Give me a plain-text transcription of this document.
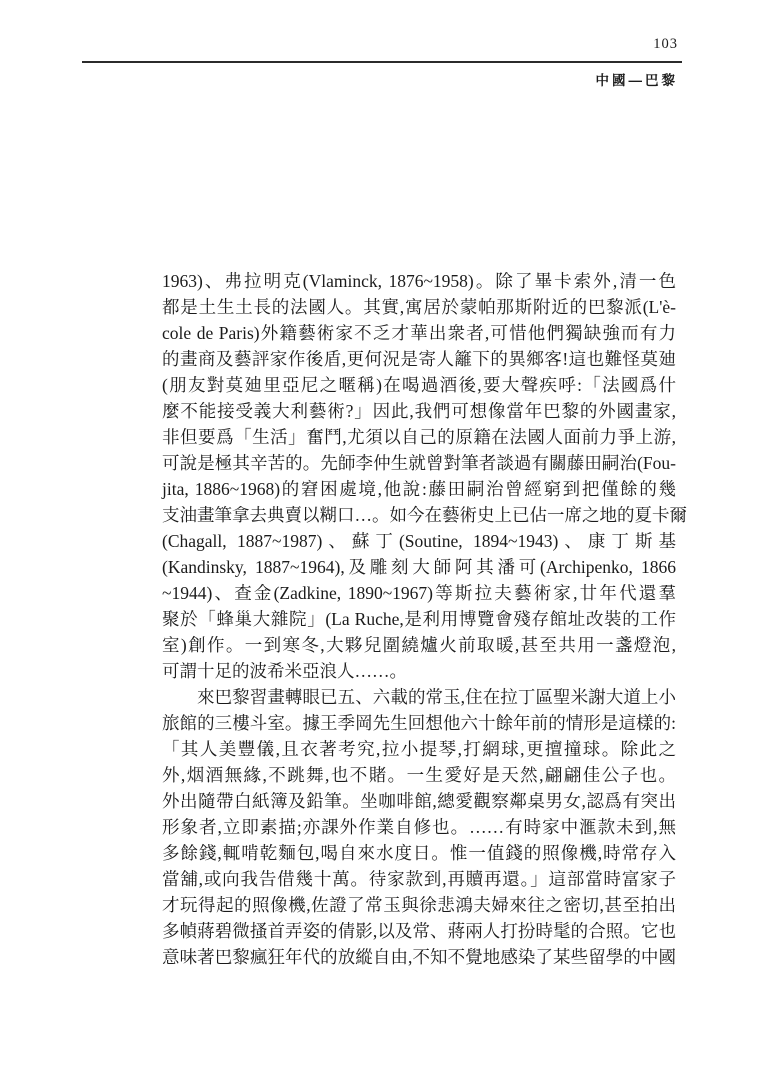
103
中國—巴黎
1963)、弗拉明克(Vlaminck, 1876~1958)。除了畢卡索外,清一色
都是土生土長的法國人。其實,寓居於蒙帕那斯附近的巴黎派(L'è-
cole de Paris)外籍藝術家不乏才華出衆者,可惜他們獨缺強而有力
的畫商及藝評家作後盾,更何況是寄人籬下的異鄉客!這也難怪莫廸
(朋友對莫廸里亞尼之暱稱)在喝過酒後,要大聲疾呼:「法國爲什
麼不能接受義大利藝術?」因此,我們可想像當年巴黎的外國畫家,
非但要爲「生活」奮鬥,尤須以自己的原籍在法國人面前力爭上游,
可說是極其辛苦的。先師李仲生就曾對筆者談過有關藤田嗣治(Fou-
jita, 1886~1968)的窘困處境,他說:藤田嗣治曾經窮到把僅餘的幾
支油畫筆拿去典賣以糊口…。如今在藝術史上已佔一席之地的夏卡爾
(Chagall, 1887~1987)、蘇丁(Soutine, 1894~1943)、康丁斯基
(Kandinsky, 1887~1964),及雕刻大師阿其潘可(Archipenko, 1866
~1944)、查金(Zadkine, 1890~1967)等斯拉夫藝術家,廿年代還羣
聚於「蜂巢大雜院」(La Ruche,是利用博覽會殘存館址改裝的工作
室)創作。一到寒冬,大夥兒圍繞爐火前取暖,甚至共用一盞燈泡,
可謂十足的波希米亞浪人……。
來巴黎習畫轉眼已五、六載的常玉,住在拉丁區聖米謝大道上小
旅館的三樓斗室。據王季岡先生回想他六十餘年前的情形是這樣的:
「其人美豐儀,且衣著考究,拉小提琴,打網球,更擅撞球。除此之
外,烟酒無緣,不跳舞,也不賭。一生愛好是天然,翩翩佳公子也。
外出隨帶白紙簿及鉛筆。坐咖啡館,總愛觀察鄰桌男女,認爲有突出
形象者,立即素描;亦課外作業自修也。……有時家中滙款未到,無
多餘錢,輒啃乾麵包,喝自來水度日。惟一值錢的照像機,時常存入
當舖,或向我告借幾十萬。待家款到,再贖再還。」這部當時富家子
才玩得起的照像機,佐證了常玉與徐悲鴻夫婦來往之密切,甚至拍出
多幀蔣碧微搔首弄姿的倩影,以及常、蔣兩人打扮時髦的合照。它也
意味著巴黎瘋狂年代的放縱自由,不知不覺地感染了某些留學的中國
